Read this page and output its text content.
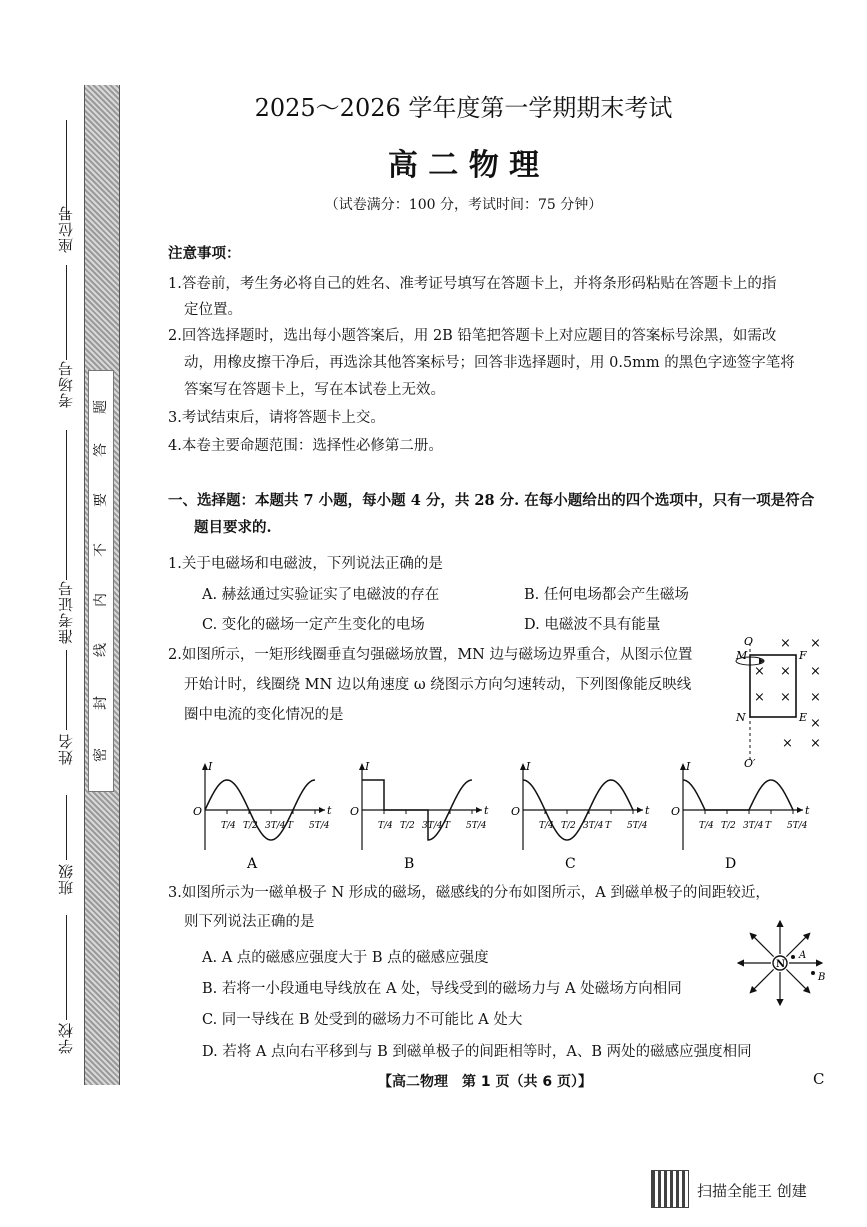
密
封
线
内
不
要
答
题
座位号
考场号
准考证号
姓名
班级
学校
2025～2026 学年度第一学期期末考试
高 二 物 理
（试卷满分：100 分，考试时间：75 分钟）

注意事项：

1.答卷前，考生务必将自己的姓名、准考证号填写在答题卡上，并将条形码粘贴在答题卡上的指

定位置。

2.回答选择题时，选出每小题答案后，用 2B 铅笔把答题卡上对应题目的答案标号涂黑，如需改

动，用橡皮擦干净后，再选涂其他答案标号；回答非选择题时，用 0.5mm 的黑色字迹签字笔将

答案写在答题卡上，写在本试卷上无效。

3.考试结束后，请将答题卡上交。

4.本卷主要命题范围：选择性必修第二册。

一、选择题：本题共 7 小题，每小题 4 分，共 28 分. 在每小题给出的四个选项中，只有一项是符合

题目要求的.

1.关于电磁场和电磁波，下列说法正确的是

A. 赫兹通过实验证实了电磁波的存在	B. 任何电场都会产生磁场
C. 变化的磁场一定产生变化的电场	D. 电磁波不具有能量

2.如图所示，一矩形线圈垂直匀强磁场放置，MN 边与磁场边界重合，从图示位置

开始计时，线圈绕 MN 边以角速度 ω 绕图示方向匀速转动，下列图像能反映线

圈中电流的变化情况的是

O
O′
M
N
F
E
×
×
×
×
×
×
×
×
× ×
×
I
t
O
T/4 T/2 3T/4 T 5T/4
A
I
t
O
T/4 T/2 3T/4 T 5T/4
B
I
t
O
T/4 T/2 3T/4 T 5T/4
C
I
t
O
T/4 T/2 3T/4 T 5T/4
D

3.如图所示为一磁单极子 N 形成的磁场，磁感线的分布如图所示，A 到磁单极子的间距较近，

则下列说法正确的是

A. A 点的磁感应强度大于 B 点的磁感应强度
B. 若将一小段通电导线放在 A 处，导线受到的磁场力与 A 处磁场方向相同
C. 同一导线在 B 处受到的磁场力不可能比 A 处大
D. 若将 A 点向右平移到与 B 到磁单极子的间距相等时，A、B 两处的磁感应强度相同
N
A
B
【高二物理　第 1 页（共 6 页）】	C
扫描全能王 创建
